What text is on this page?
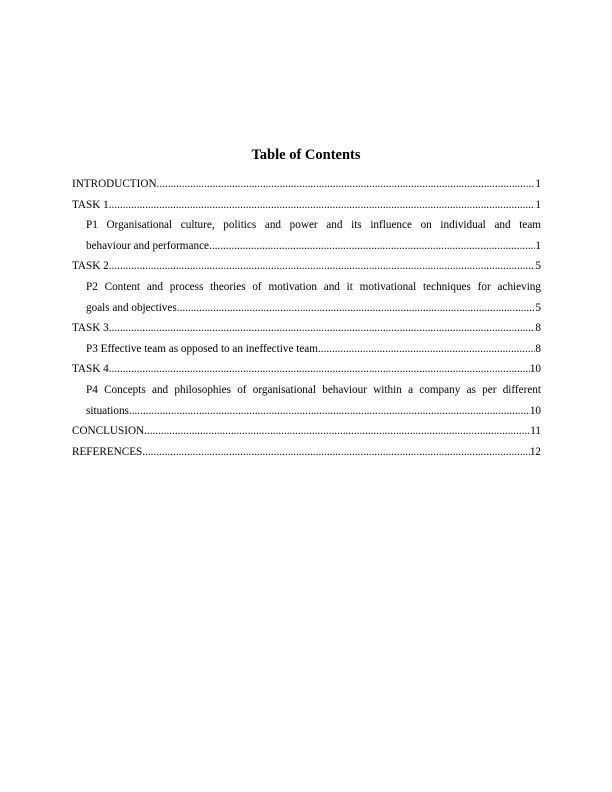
Table of Contents
INTRODUCTION .....	1
TASK 1 .....	1
P1 Organisational culture, politics and power and its influence on individual and team
behaviour and performance .....	1
TASK 2 .....	5
P2 Content and process theories of motivation and it motivational techniques for achieving
goals and objectives .....	5
TASK 3 .....	8
P3 Effective team as opposed to an ineffective team .....	8
TASK 4 .....	10
P4 Concepts and philosophies of organisational behaviour within a company as per different
situations .....	10
CONCLUSION .....	11
REFERENCES .....	12
